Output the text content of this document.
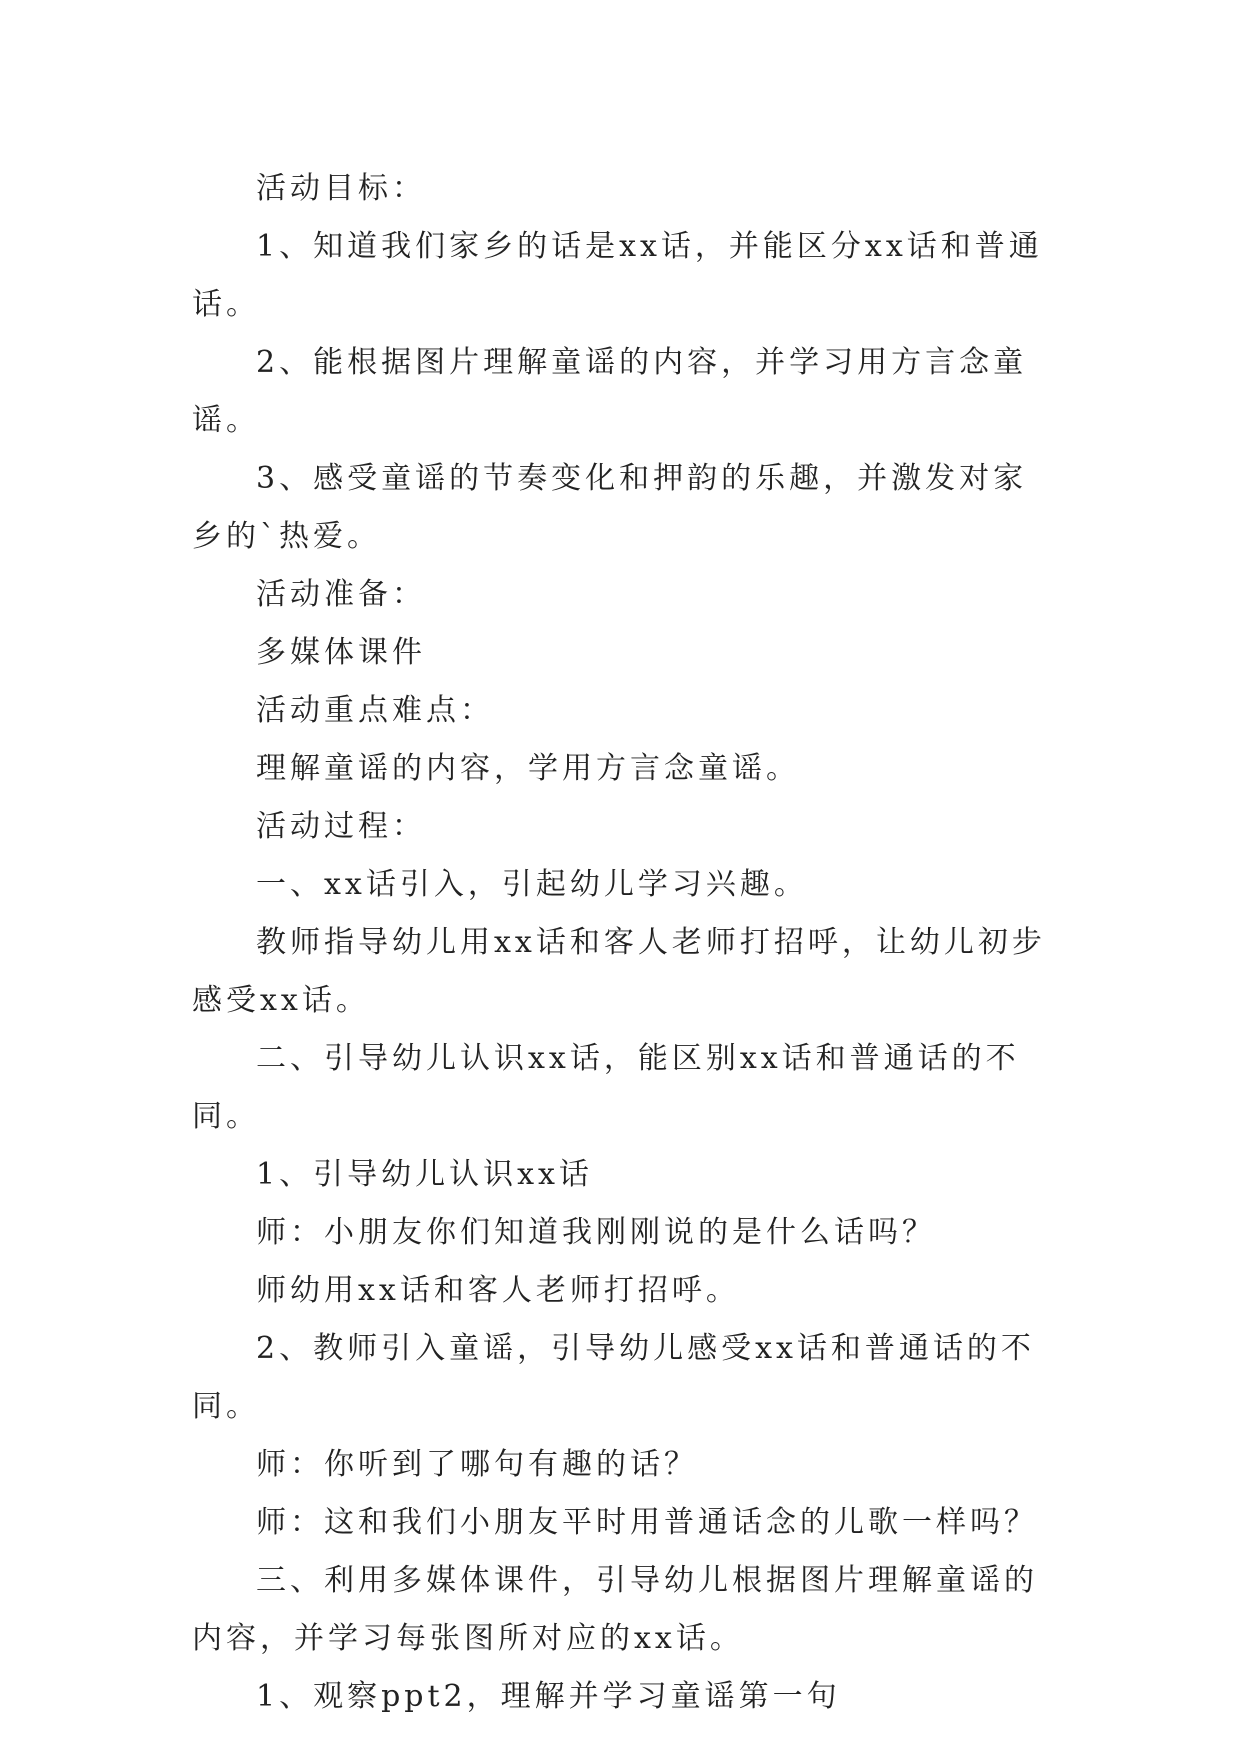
活动目标：

1、知道我们家乡的话是xx话，并能区分xx话和普通话。

2、能根据图片理解童谣的内容，并学习用方言念童谣。

3、感受童谣的节奏变化和押韵的乐趣，并激发对家乡的`热爱。

活动准备：

多媒体课件

活动重点难点：

理解童谣的内容，学用方言念童谣。

活动过程：

一、xx话引入，引起幼儿学习兴趣。

教师指导幼儿用xx话和客人老师打招呼，让幼儿初步感受xx话。

二、引导幼儿认识xx话，能区别xx话和普通话的不同。

1、引导幼儿认识xx话

师：小朋友你们知道我刚刚说的是什么话吗？

师幼用xx话和客人老师打招呼。

2、教师引入童谣，引导幼儿感受xx话和普通话的不同。

师：你听到了哪句有趣的话？

师：这和我们小朋友平时用普通话念的儿歌一样吗？

三、利用多媒体课件，引导幼儿根据图片理解童谣的内容，并学习每张图所对应的xx话。

1、观察ppt2，理解并学习童谣第一句
